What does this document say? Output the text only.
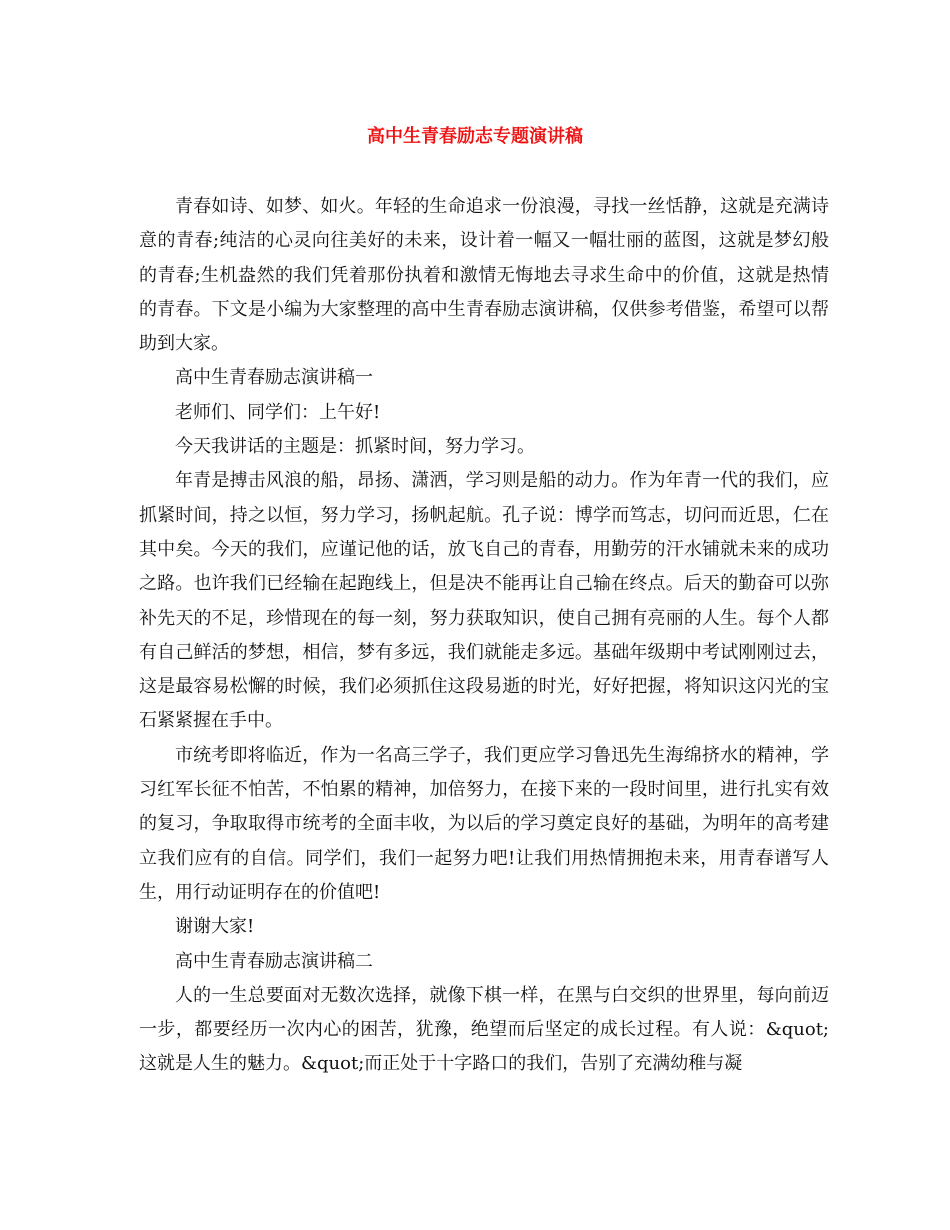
高中生青春励志专题演讲稿

青春如诗、如梦、如火。年轻的生命追求一份浪漫，寻找一丝恬静，这就是充满诗意的青春;纯洁的心灵向往美好的未来，设计着一幅又一幅壮丽的蓝图，这就是梦幻般的青春;生机盎然的我们凭着那份执着和激情无悔地去寻求生命中的价值，这就是热情的青春。下文是小编为大家整理的高中生青春励志演讲稿，仅供参考借鉴，希望可以帮助到大家。

高中生青春励志演讲稿一

老师们、同学们：上午好!

今天我讲话的主题是：抓紧时间，努力学习。

年青是搏击风浪的船，昂扬、潇洒，学习则是船的动力。作为年青一代的我们，应抓紧时间，持之以恒，努力学习，扬帆起航。孔子说：博学而笃志，切问而近思，仁在其中矣。今天的我们，应谨记他的话，放飞自己的青春，用勤劳的汗水铺就未来的成功之路。也许我们已经输在起跑线上，但是决不能再让自己输在终点。后天的勤奋可以弥补先天的不足，珍惜现在的每一刻，努力获取知识，使自己拥有亮丽的人生。每个人都有自己鲜活的梦想，相信，梦有多远，我们就能走多远。基础年级期中考试刚刚过去，这是最容易松懈的时候，我们必须抓住这段易逝的时光，好好把握，将知识这闪光的宝石紧紧握在手中。

市统考即将临近，作为一名高三学子，我们更应学习鲁迅先生海绵挤水的精神，学习红军长征不怕苦，不怕累的精神，加倍努力，在接下来的一段时间里，进行扎实有效的复习，争取取得市统考的全面丰收，为以后的学习奠定良好的基础，为明年的高考建立我们应有的自信。同学们，我们一起努力吧!让我们用热情拥抱未来，用青春谱写人生，用行动证明存在的价值吧!

谢谢大家!

高中生青春励志演讲稿二

人的一生总要面对无数次选择，就像下棋一样，在黑与白交织的世界里，每向前迈一步，都要经历一次内心的困苦，犹豫，绝望而后坚定的成长过程。有人说：&quot;这就是人生的魅力。&quot;而正处于十字路口的我们，告别了充满幼稚与凝
